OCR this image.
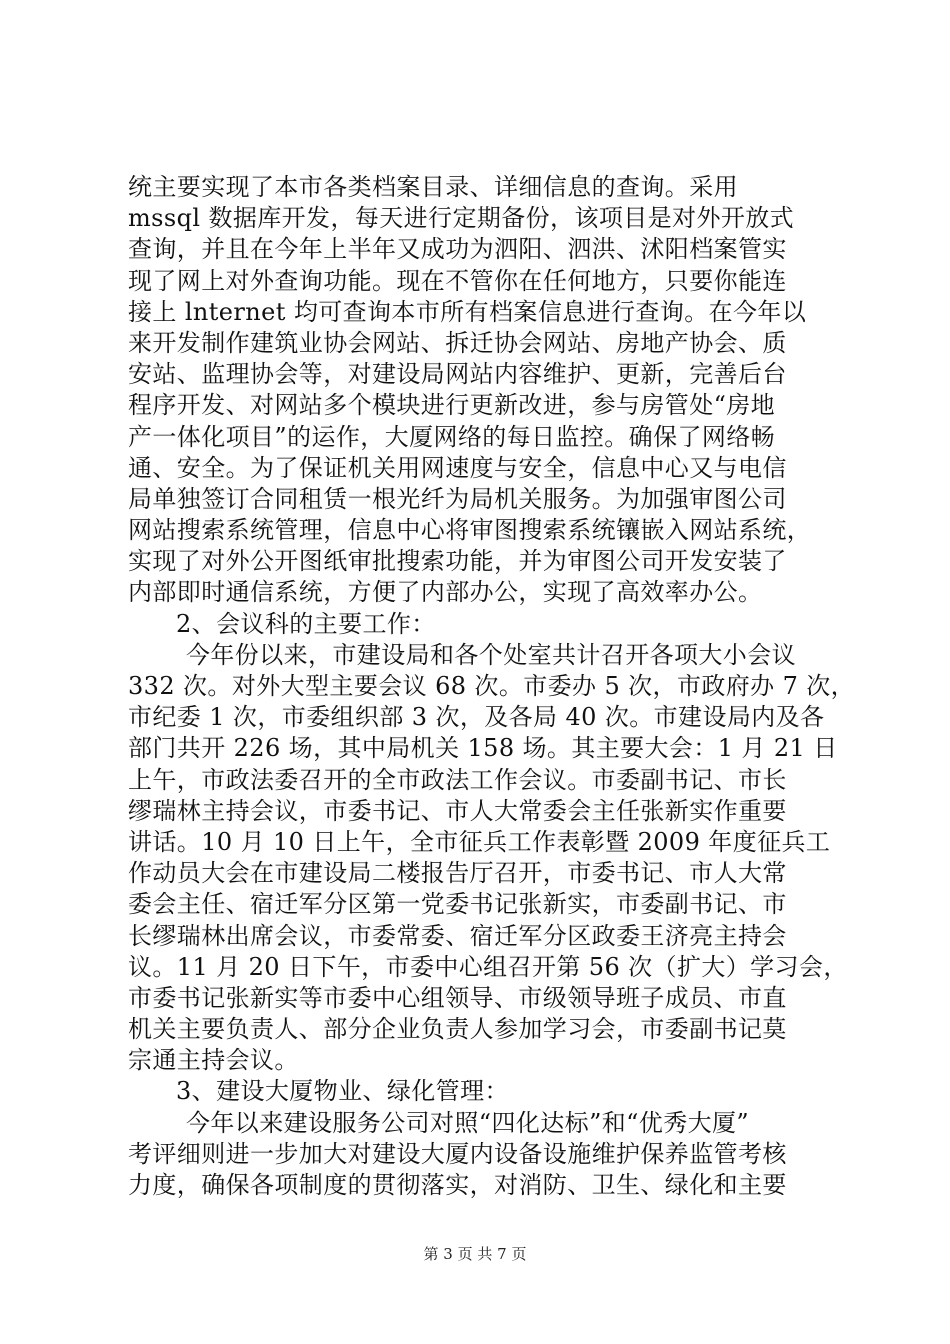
统主要实现了本市各类档案目录、详细信息的查询。采用
mssql 数据库开发，每天进行定期备份，该项目是对外开放式
查询，并且在今年上半年又成功为泗阳、泗洪、沭阳档案管实
现了网上对外查询功能。现在不管你在任何地方，只要你能连
接上 lnternet 均可查询本市所有档案信息进行查询。在今年以
来开发制作建筑业协会网站、拆迁协会网站、房地产协会、质
安站、监理协会等，对建设局网站内容维护、更新，完善后台
程序开发、对网站多个模块进行更新改进，参与房管处“房地
产一体化项目”的运作，大厦网络的每日监控。确保了网络畅
通、安全。为了保证机关用网速度与安全，信息中心又与电信
局单独签订合同租赁一根光纤为局机关服务。为加强审图公司
网站搜索系统管理，信息中心将审图搜索系统镶嵌入网站系统，
实现了对外公开图纸审批搜索功能，并为审图公司开发安装了
内部即时通信系统，方便了内部办公，实现了高效率办公。
2、会议科的主要工作：
今年份以来，市建设局和各个处室共计召开各项大小会议
332 次。对外大型主要会议 68 次。市委办 5 次，市政府办 7 次，
市纪委 1 次，市委组织部 3 次，及各局 40 次。市建设局内及各
部门共开 226 场，其中局机关 158 场。其主要大会：1 月 21 日
上午，市政法委召开的全市政法工作会议。市委副书记、市长
缪瑞林主持会议，市委书记、市人大常委会主任张新实作重要
讲话。10 月 10 日上午，全市征兵工作表彰暨 2009 年度征兵工
作动员大会在市建设局二楼报告厅召开，市委书记、市人大常
委会主任、宿迁军分区第一党委书记张新实，市委副书记、市
长缪瑞林出席会议，市委常委、宿迁军分区政委王济亮主持会
议。11 月 20 日下午，市委中心组召开第 56 次（扩大）学习会，
市委书记张新实等市委中心组领导、市级领导班子成员、市直
机关主要负责人、部分企业负责人参加学习会，市委副书记莫
宗通主持会议。
3、建设大厦物业、绿化管理：
今年以来建设服务公司对照“四化达标”和“优秀大厦”
考评细则进一步加大对建设大厦内设备设施维护保养监管考核
力度，确保各项制度的贯彻落实，对消防、卫生、绿化和主要
第 3 页 共 7 页
